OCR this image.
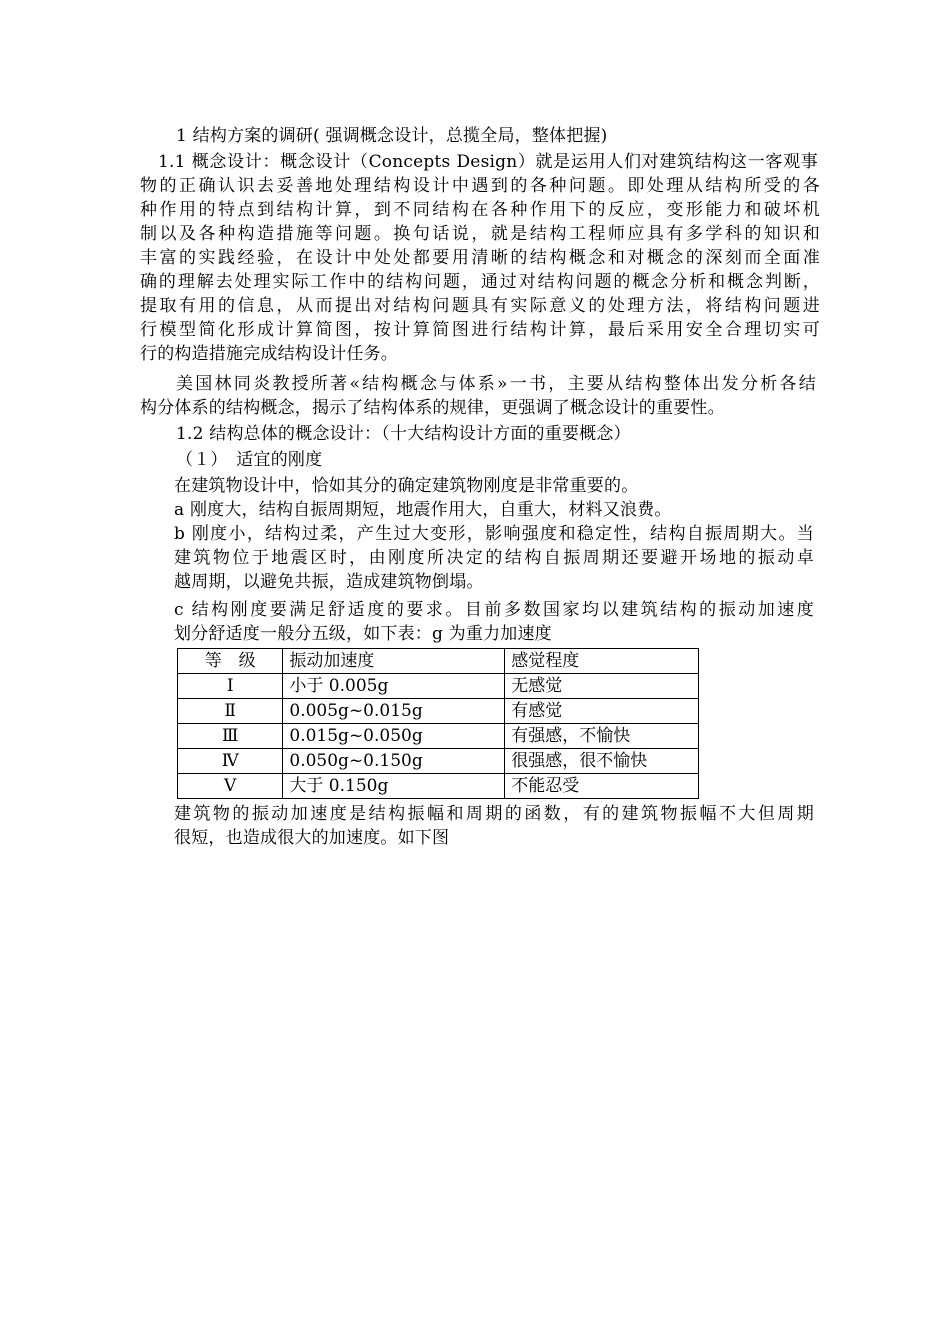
1 结构方案的调研( 强调概念设计，总揽全局，整体把握)
1.1 概念设计：概念设计（Concepts Design）就是运用人们对建筑结构这一客观事
物的正确认识去妥善地处理结构设计中遇到的各种问题。即处理从结构所受的各
种作用的特点到结构计算，到不同结构在各种作用下的反应，变形能力和破坏机
制以及各种构造措施等问题。换句话说，就是结构工程师应具有多学科的知识和
丰富的实践经验，在设计中处处都要用清晰的结构概念和对概念的深刻而全面准
确的理解去处理实际工作中的结构问题，通过对结构问题的概念分析和概念判断，
提取有用的信息，从而提出对结构问题具有实际意义的处理方法，将结构问题进
行模型简化形成计算简图，按计算简图进行结构计算，最后采用安全合理切实可
行的构造措施完成结构设计任务。
美国林同炎教授所著«结构概念与体系»一书，主要从结构整体出发分析各结
构分体系的结构概念，揭示了结构体系的规律，更强调了概念设计的重要性。
1.2 结构总体的概念设计：（十大结构设计方面的重要概念）
（１）　适宜的刚度
在建筑物设计中，恰如其分的确定建筑物刚度是非常重要的。
a 刚度大，结构自振周期短，地震作用大，自重大，材料又浪费。
b 刚度小，结构过柔，产生过大变形，影响强度和稳定性，结构自振周期大。当
建筑物位于地震区时，由刚度所决定的结构自振周期还要避开场地的振动卓
越周期，以避免共振，造成建筑物倒塌。
c 结构刚度要满足舒适度的要求。目前多数国家均以建筑结构的振动加速度
划分舒适度一般分五级，如下表：g 为重力加速度
等　级	振动加速度	感觉程度
Ⅰ	小于 0.005g	无感觉
Ⅱ	0.005g~0.015g	有感觉
Ⅲ	0.015g~0.050g	有强感，不愉快
Ⅳ	0.050g~0.150g	很强感，很不愉快
Ⅴ	大于 0.150g	不能忍受
建筑物的振动加速度是结构振幅和周期的函数，有的建筑物振幅不大但周期
很短，也造成很大的加速度。如下图
